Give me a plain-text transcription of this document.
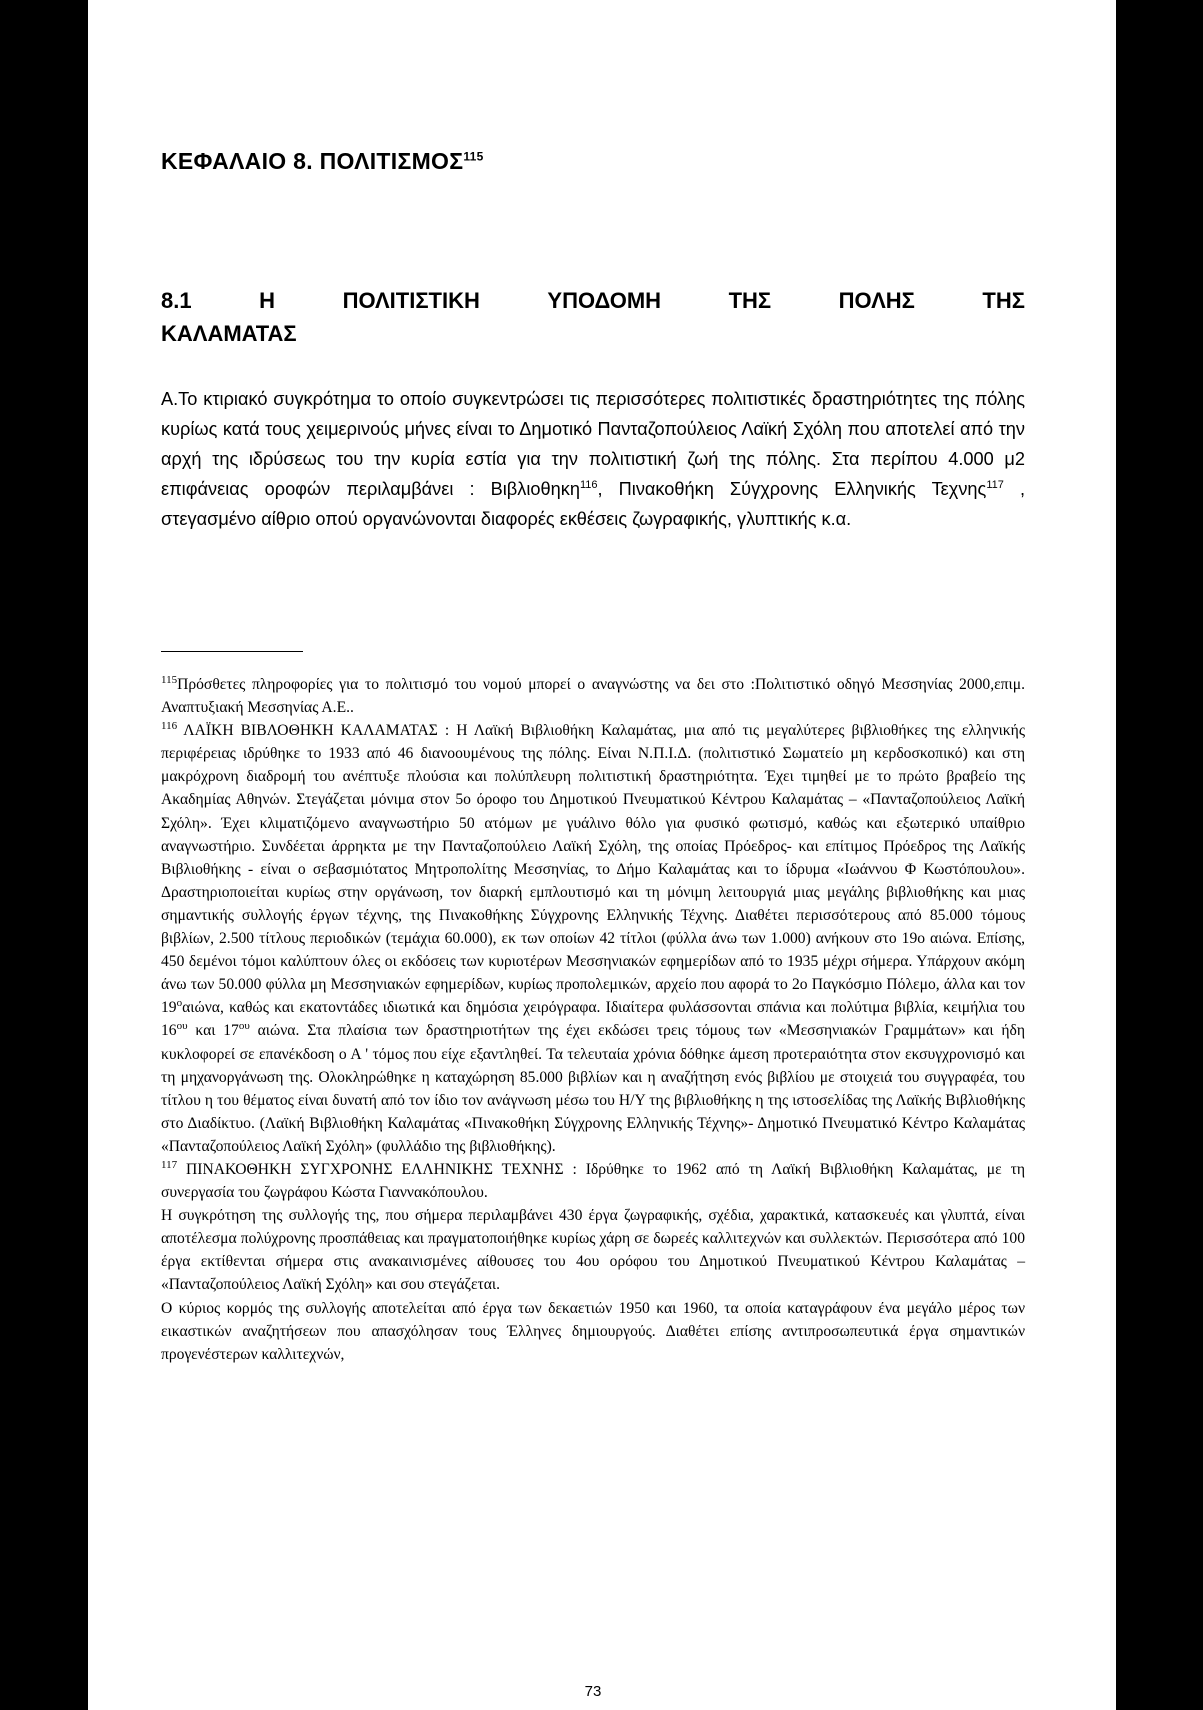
ΚΕΦΑΛΑΙΟ 8. ΠΟΛΙΤΙΣΜΟΣ$^{115}$
8.1	Η	ΠΟΛΙΤΙΣΤΙΚΗ	ΥΠΟΔΟΜΗ	ΤΗΣ	ΠΟΛΗΣ	ΤΗΣ
ΚΑΛΑΜΑΤΑΣ

Α.Το κτιριακό συγκρότημα το οποίο συγκεντρώσει τις περισσότερες πολιτιστικές δραστηριότητες της πόλης κυρίως κατά τους χειμερινούς μήνες είναι το Δημοτικό Πανταζοπούλειος Λαϊκή Σχόλη που αποτελεί από την αρχή της ιδρύσεως του την κυρία εστία για την πολιτιστική ζωή της πόλης. Στα περίπου 4.000 μ2 επιφάνειας οροφών περιλαμβάνει : Βιβλιοθηκη$^{116}$, Πινακοθήκη Σύγχρονης Ελληνικής Τεχνης$^{117}$ , στεγασμένο αίθριο οπού οργανώνονται διαφορές εκθέσεις ζωγραφικής, γλυπτικής κ.α.

$^{115}$Πρόσθετες πληροφορίες για το πολιτισμό του νομού μπορεί ο αναγνώστης να δει στο :Πολιτιστικό οδηγό Μεσσηνίας 2000,επιμ. Αναπτυξιακή Μεσσηνίας Α.Ε..

$^{116}$ ΛΑΪΚΗ ΒΙΒΛΟΘΗΚΗ ΚΑΛΑΜΑΤΑΣ : Η Λαϊκή Βιβλιοθήκη Καλαμάτας, μια από τις μεγαλύτερες βιβλιοθήκες της ελληνικής περιφέρειας ιδρύθηκε το 1933 από 46 διανοουμένους της πόλης. Είναι Ν.Π.Ι.Δ. (πολιτιστικό Σωματείο μη κερδοσκοπικό) και στη μακρόχρονη διαδρομή του ανέπτυξε πλούσια και πολύπλευρη πολιτιστική δραστηριότητα. Έχει τιμηθεί με το πρώτο βραβείο της Ακαδημίας Αθηνών. Στεγάζεται μόνιμα στον 5ο όροφο του Δημοτικού Πνευματικού Κέντρου Καλαμάτας – «Πανταζοπούλειος Λαϊκή Σχόλη». Έχει κλιματιζόμενο αναγνωστήριο 50 ατόμων με γυάλινο θόλο για φυσικό φωτισμό, καθώς και εξωτερικό υπαίθριο αναγνωστήριο. Συνδέεται άρρηκτα με την Πανταζοπούλειο Λαϊκή Σχόλη, της οποίας Πρόεδρος- και επίτιμος Πρόεδρος της Λαϊκής Βιβλιοθήκης - είναι ο σεβασμιότατος Μητροπολίτης Μεσσηνίας, το Δήμο Καλαμάτας και το ίδρυμα «Ιωάννου Φ Κωστόπουλου». Δραστηριοποιείται κυρίως στην οργάνωση, τον διαρκή εμπλουτισμό και τη μόνιμη λειτουργιά μιας μεγάλης βιβλιοθήκης και μιας σημαντικής συλλογής έργων τέχνης, της Πινακοθήκης Σύγχρονης Ελληνικής Τέχνης. Διαθέτει περισσότερους από 85.000 τόμους βιβλίων, 2.500 τίτλους περιοδικών (τεμάχια 60.000), εκ των οποίων 42 τίτλοι (φύλλα άνω των 1.000) ανήκουν στο 19ο αιώνα. Επίσης, 450 δεμένοι τόμοι καλύπτουν όλες οι εκδόσεις των κυριοτέρων Μεσσηνιακών εφημερίδων από το 1935 μέχρι σήμερα. Υπάρχουν ακόμη άνω των 50.000 φύλλα μη Μεσσηνιακών εφημερίδων, κυρίως προπολεμικών, αρχείο που αφορά το 2ο Παγκόσμιο Πόλεμο, άλλα και τον $19^o\alpha\iota ώ\nu\alpha$, καθώς και εκατοντάδες ιδιωτικά και δημόσια χειρόγραφα. Ιδιαίτερα φυλάσσονται σπάνια και πολύτιμα βιβλία, κειμήλια του $16^{o\upsilon}$ και $17^{o\upsilon}$ αιώνα. Στα πλαίσια των δραστηριοτήτων της έχει εκδώσει τρεις τόμους των «Μεσσηνιακών Γραμμάτων» και ήδη κυκλοφορεί σε επανέκδοση ο Α ' τόμος που είχε εξαντληθεί. Τα τελευταία χρόνια δόθηκε άμεση προτεραιότητα στον εκσυγχρονισμό και τη μηχανοργάνωση της. Ολοκληρώθηκε η καταχώρηση 85.000 βιβλίων και η αναζήτηση ενός βιβλίου με στοιχειά του συγγραφέα, του τίτλου η του θέματος είναι δυνατή από τον ίδιο τον ανάγνωση μέσω του Η/Υ της βιβλιοθήκης η της ιστοσελίδας της Λαϊκής Βιβλιοθήκης στο Διαδίκτυο. (Λαϊκή Βιβλιοθήκη Καλαμάτας «Πινακοθήκη Σύγχρονης Ελληνικής Τέχνης»- Δημοτικό Πνευματικό Κέντρο Καλαμάτας «Πανταζοπούλειος Λαϊκή Σχόλη» (φυλλάδιο της βιβλιοθήκης).

$^{117}$ ΠΙΝΑΚΟΘΗΚΗ ΣΥΓΧΡΟΝΗΣ ΕΛΛΗΝΙΚΗΣ ΤΕΧΝΗΣ : Ιδρύθηκε το 1962 από τη Λαϊκή Βιβλιοθήκη Καλαμάτας, με τη συνεργασία του ζωγράφου Κώστα Γιαννακόπουλου.

Η συγκρότηση της συλλογής της, που σήμερα περιλαμβάνει 430 έργα ζωγραφικής, σχέδια, χαρακτικά, κατασκευές και γλυπτά, είναι αποτέλεσμα πολύχρονης προσπάθειας και πραγματοποιήθηκε κυρίως χάρη σε δωρεές καλλιτεχνών και συλλεκτών. Περισσότερα από 100 έργα εκτίθενται σήμερα στις ανακαινισμένες αίθουσες του 4ου ορόφου του Δημοτικού Πνευματικού Κέντρου Καλαμάτας – «Πανταζοπούλειος Λαϊκή Σχόλη» και σου στεγάζεται.

Ο κύριος κορμός της συλλογής αποτελείται από έργα των δεκαετιών 1950 και 1960, τα οποία καταγράφουν ένα μεγάλο μέρος των εικαστικών αναζητήσεων που απασχόλησαν τους Έλληνες δημιουργούς. Διαθέτει επίσης αντιπροσωπευτικά έργα σημαντικών προγενέστερων καλλιτεχνών,

73
